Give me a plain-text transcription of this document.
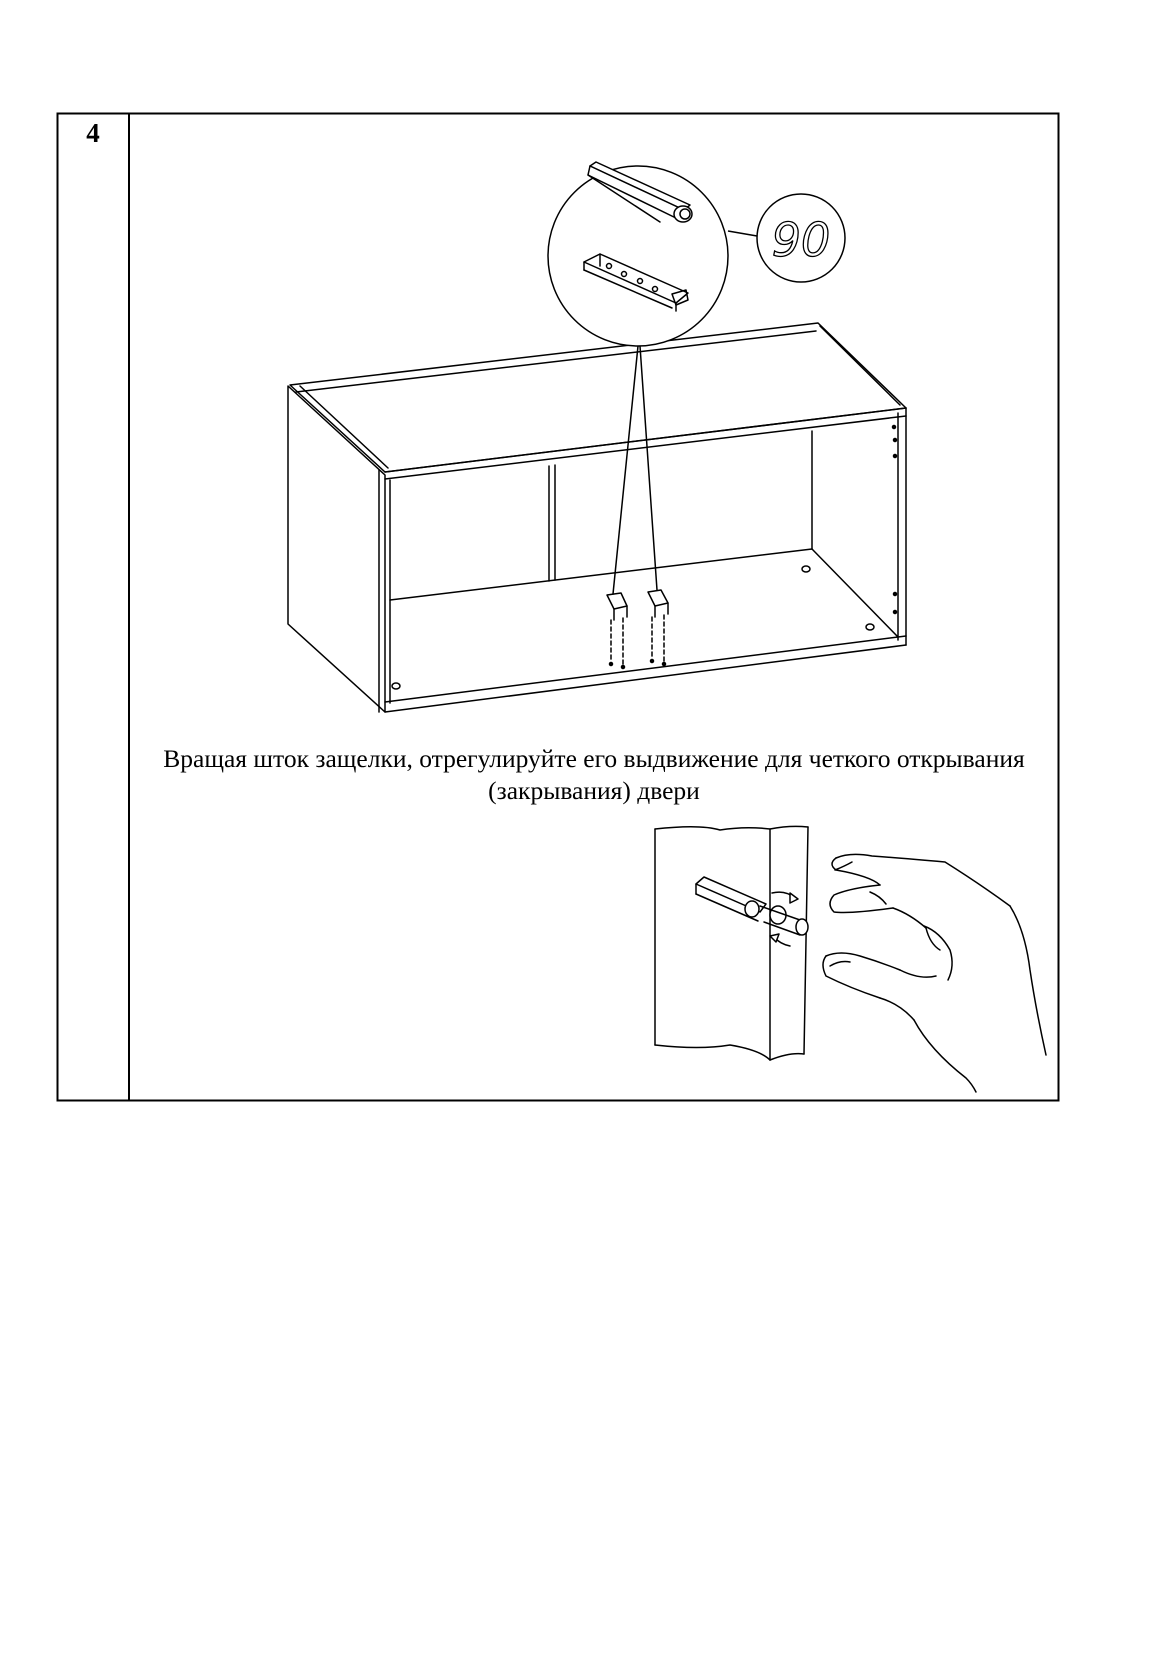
90
4
Вращая шток защелки, отрегулируйте его выдвижение для четкого открывания
(закрывания) двери
